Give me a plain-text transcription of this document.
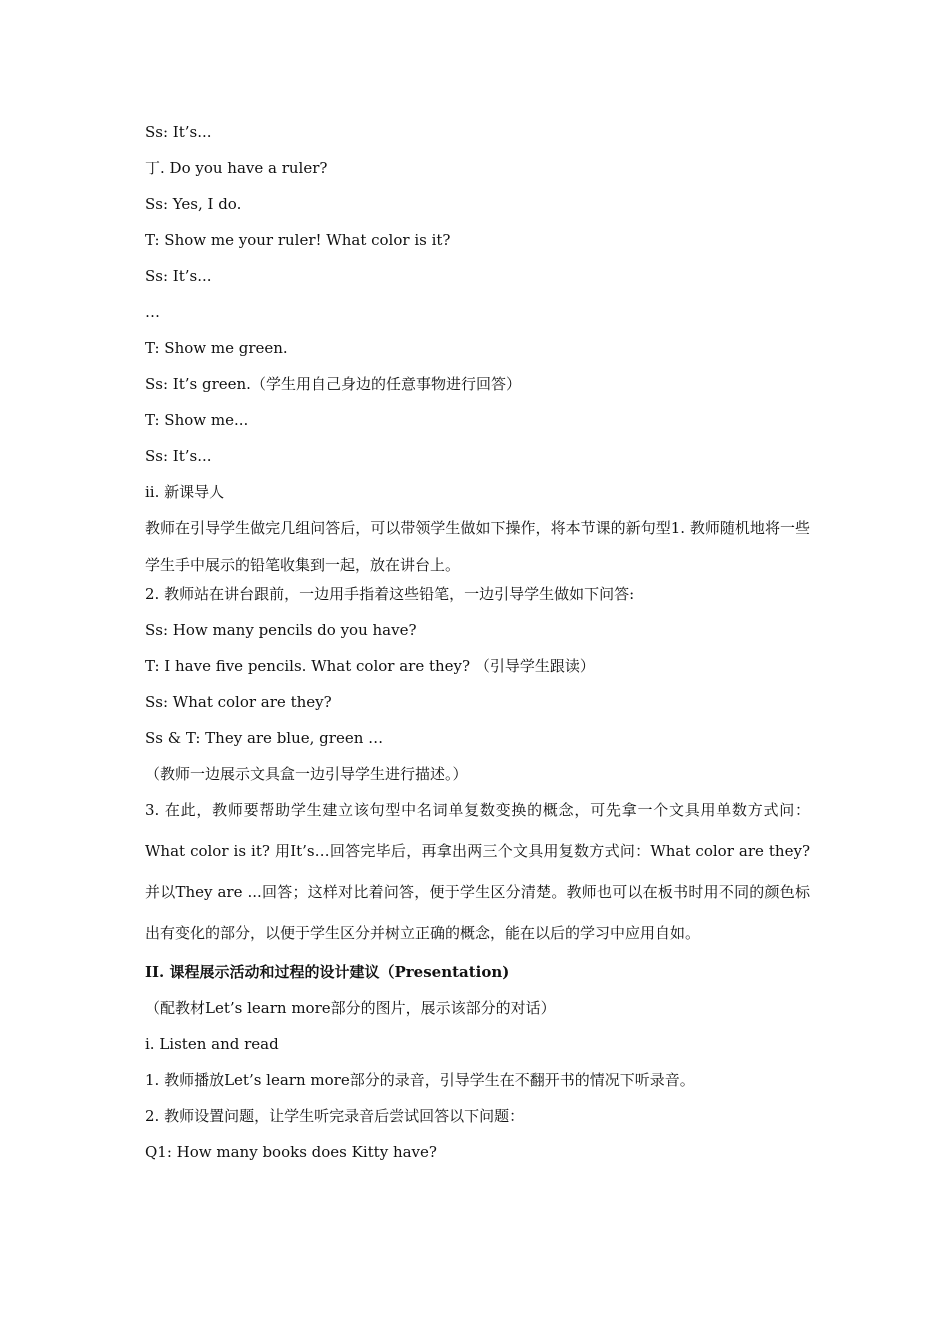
Ss: It’s...

丁. Do you have a ruler?

Ss: Yes, I do.

T: Show me your ruler! What color is it?

Ss: It’s...

…

T: Show me green.

Ss: It’s green.（学生用自己身边的任意事物进行回答）

T: Show me...

Ss: It’s...

ii. 新课导人

教师在引导学生做完几组问答后，可以带领学生做如下操作，将本节课的新句型1. 教师随机地将一些学生手中展示的铅笔收集到一起，放在讲台上。

2. 教师站在讲台跟前，一边用手指着这些铅笔，一边引导学生做如下问答:

Ss: How many pencils do you have?

T: I have five pencils. What color are they? （引导学生跟读）

Ss: What color are they?

Ss & T: They are blue, green …

（教师一边展示文具盒一边引导学生进行描述。）

3. 在此，教师要帮助学生建立该句型中名词单复数变换的概念，可先拿一个文具用单数方式问：What color is it? 用It’s…回答完毕后，再拿出两三个文具用复数方式问：What color are they? 并以They are ...回答；这样对比着问答，便于学生区分清楚。教师也可以在板书时用不同的颜色标出有变化的部分，以便于学生区分并树立正确的概念，能在以后的学习中应用自如。

II. 课程展示活动和过程的设计建议（Presentation)

（配教材Let’s learn more部分的图片，展示该部分的对话）

i. Listen and read

1. 教师播放Let’s learn more部分的录音，引导学生在不翻开书的情况下听录音。

2. 教师设置问题，让学生听完录音后尝试回答以下问题：

Q1: How many books does Kitty have?
